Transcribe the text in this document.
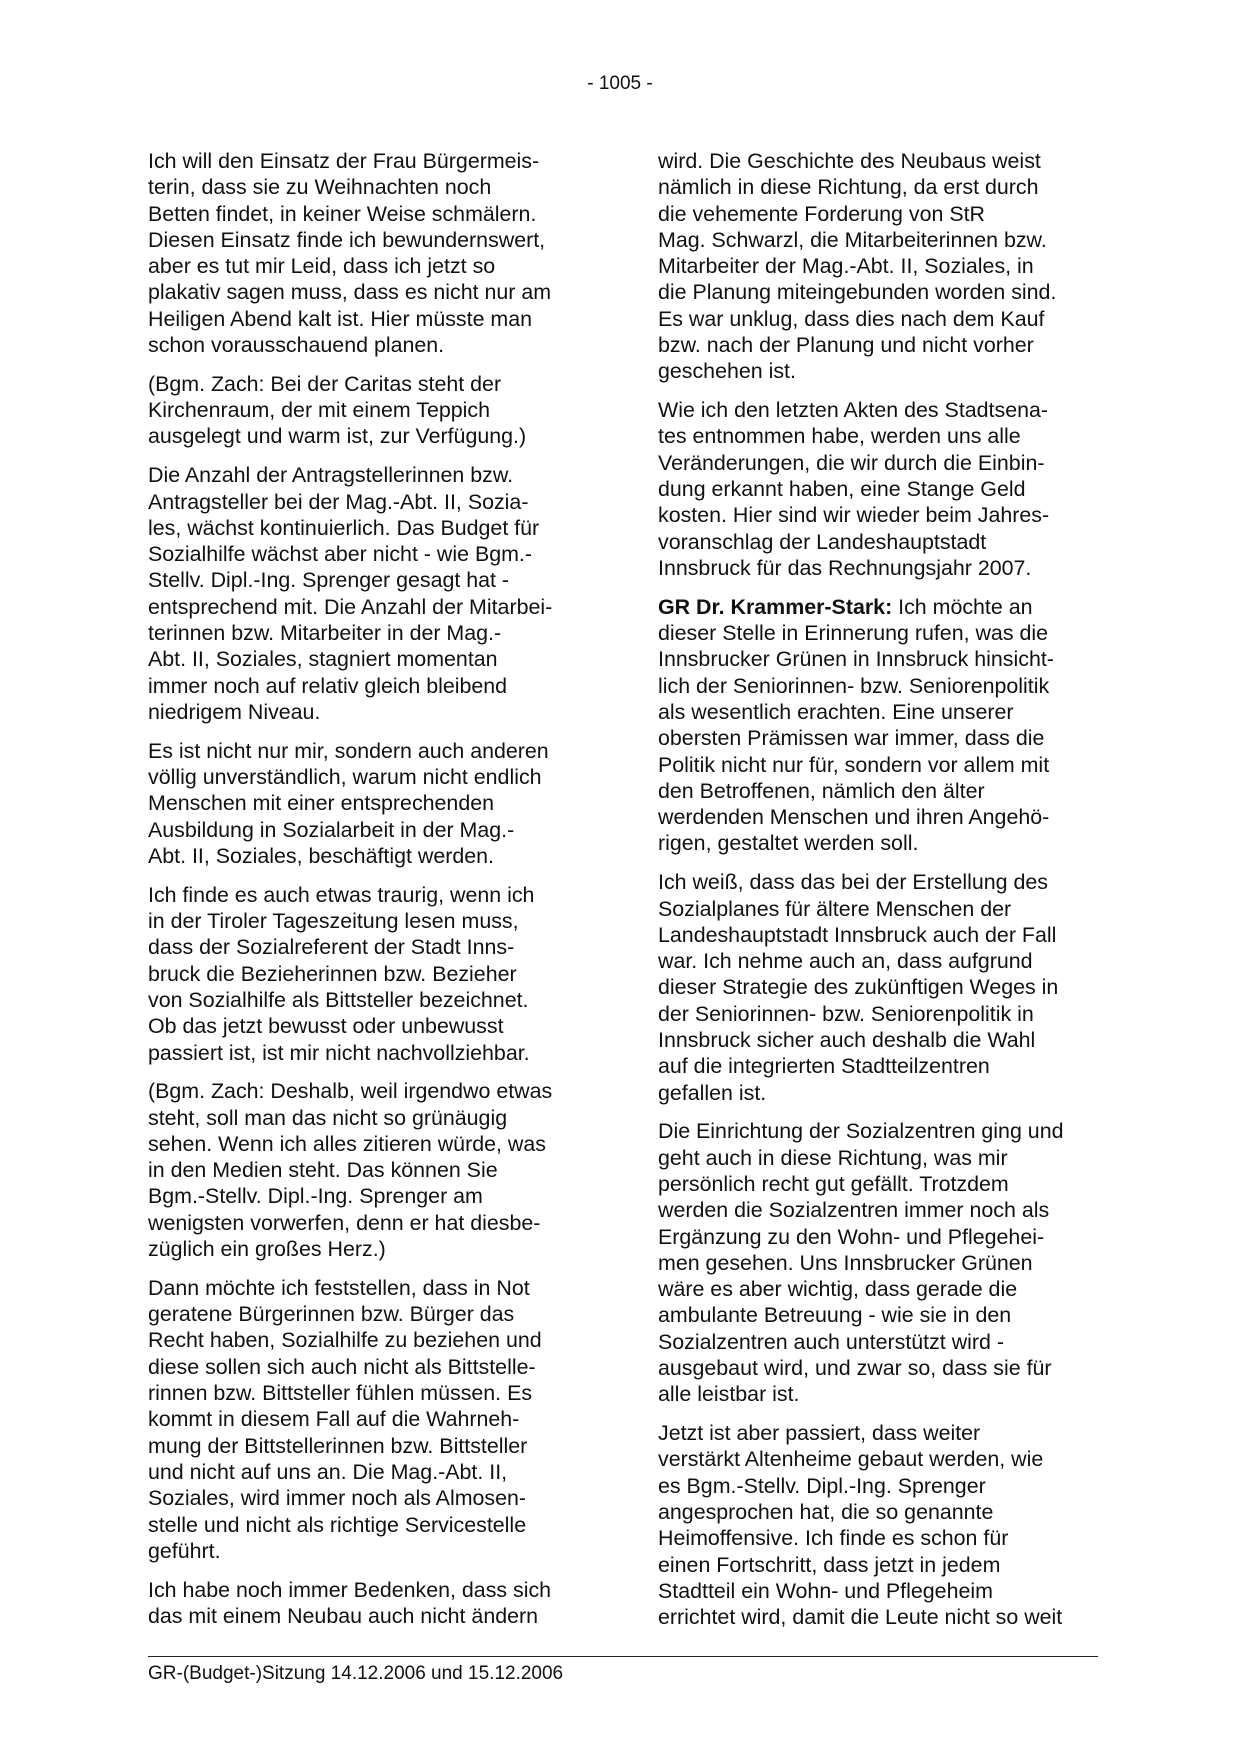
- 1005 -

Ich will den Einsatz der Frau Bürgermeis-
terin, dass sie zu Weihnachten noch
Betten findet, in keiner Weise schmälern.
Diesen Einsatz finde ich bewundernswert,
aber es tut mir Leid, dass ich jetzt so
plakativ sagen muss, dass es nicht nur am
Heiligen Abend kalt ist. Hier müsste man
schon vorausschauend planen.

(Bgm. Zach: Bei der Caritas steht der
Kirchenraum, der mit einem Teppich
ausgelegt und warm ist, zur Verfügung.)

Die Anzahl der Antragstellerinnen bzw.
Antragsteller bei der Mag.-Abt. II, Sozia-
les, wächst kontinuierlich. Das Budget für
Sozialhilfe wächst aber nicht - wie Bgm.-
Stellv. Dipl.-Ing. Sprenger gesagt hat -
entsprechend mit. Die Anzahl der Mitarbei-
terinnen bzw. Mitarbeiter in der Mag.-
Abt. II, Soziales, stagniert momentan
immer noch auf relativ gleich bleibend
niedrigem Niveau.

Es ist nicht nur mir, sondern auch anderen
völlig unverständlich, warum nicht endlich
Menschen mit einer entsprechenden
Ausbildung in Sozialarbeit in der Mag.-
Abt. II, Soziales, beschäftigt werden.

Ich finde es auch etwas traurig, wenn ich
in der Tiroler Tageszeitung lesen muss,
dass der Sozialreferent der Stadt Inns-
bruck die Bezieherinnen bzw. Bezieher
von Sozialhilfe als Bittsteller bezeichnet.
Ob das jetzt bewusst oder unbewusst
passiert ist, ist mir nicht nachvollziehbar.

(Bgm. Zach: Deshalb, weil irgendwo etwas
steht, soll man das nicht so grünäugig
sehen. Wenn ich alles zitieren würde, was
in den Medien steht. Das können Sie
Bgm.-Stellv. Dipl.-Ing. Sprenger am
wenigsten vorwerfen, denn er hat diesbe-
züglich ein großes Herz.)

Dann möchte ich feststellen, dass in Not
geratene Bürgerinnen bzw. Bürger das
Recht haben, Sozialhilfe zu beziehen und
diese sollen sich auch nicht als Bittstelle-
rinnen bzw. Bittsteller fühlen müssen. Es
kommt in diesem Fall auf die Wahrneh-
mung der Bittstellerinnen bzw. Bittsteller
und nicht auf uns an. Die Mag.-Abt. II,
Soziales, wird immer noch als Almosen-
stelle und nicht als richtige Servicestelle
geführt.

Ich habe noch immer Bedenken, dass sich
das mit einem Neubau auch nicht ändern

wird. Die Geschichte des Neubaus weist
nämlich in diese Richtung, da erst durch
die vehemente Forderung von StR
Mag. Schwarzl, die Mitarbeiterinnen bzw.
Mitarbeiter der Mag.-Abt. II, Soziales, in
die Planung miteingebunden worden sind.
Es war unklug, dass dies nach dem Kauf
bzw. nach der Planung und nicht vorher
geschehen ist.

Wie ich den letzten Akten des Stadtsena-
tes entnommen habe, werden uns alle
Veränderungen, die wir durch die Einbin-
dung erkannt haben, eine Stange Geld
kosten. Hier sind wir wieder beim Jahres-
voranschlag der Landeshauptstadt
Innsbruck für das Rechnungsjahr 2007.

GR Dr. Krammer-Stark: Ich möchte an
dieser Stelle in Erinnerung rufen, was die
Innsbrucker Grünen in Innsbruck hinsicht-
lich der Seniorinnen- bzw. Seniorenpolitik
als wesentlich erachten. Eine unserer
obersten Prämissen war immer, dass die
Politik nicht nur für, sondern vor allem mit
den Betroffenen, nämlich den älter
werdenden Menschen und ihren Angehö-
rigen, gestaltet werden soll.

Ich weiß, dass das bei der Erstellung des
Sozialplanes für ältere Menschen der
Landeshauptstadt Innsbruck auch der Fall
war. Ich nehme auch an, dass aufgrund
dieser Strategie des zukünftigen Weges in
der Seniorinnen- bzw. Seniorenpolitik in
Innsbruck sicher auch deshalb die Wahl
auf die integrierten Stadtteilzentren
gefallen ist.

Die Einrichtung der Sozialzentren ging und
geht auch in diese Richtung, was mir
persönlich recht gut gefällt. Trotzdem
werden die Sozialzentren immer noch als
Ergänzung zu den Wohn- und Pflegehei-
men gesehen. Uns Innsbrucker Grünen
wäre es aber wichtig, dass gerade die
ambulante Betreuung - wie sie in den
Sozialzentren auch unterstützt wird -
ausgebaut wird, und zwar so, dass sie für
alle leistbar ist.

Jetzt ist aber passiert, dass weiter
verstärkt Altenheime gebaut werden, wie
es Bgm.-Stellv. Dipl.-Ing. Sprenger
angesprochen hat, die so genannte
Heimoffensive. Ich finde es schon für
einen Fortschritt, dass jetzt in jedem
Stadtteil ein Wohn- und Pflegeheim
errichtet wird, damit die Leute nicht so weit

GR-(Budget-)Sitzung 14.12.2006 und 15.12.2006
